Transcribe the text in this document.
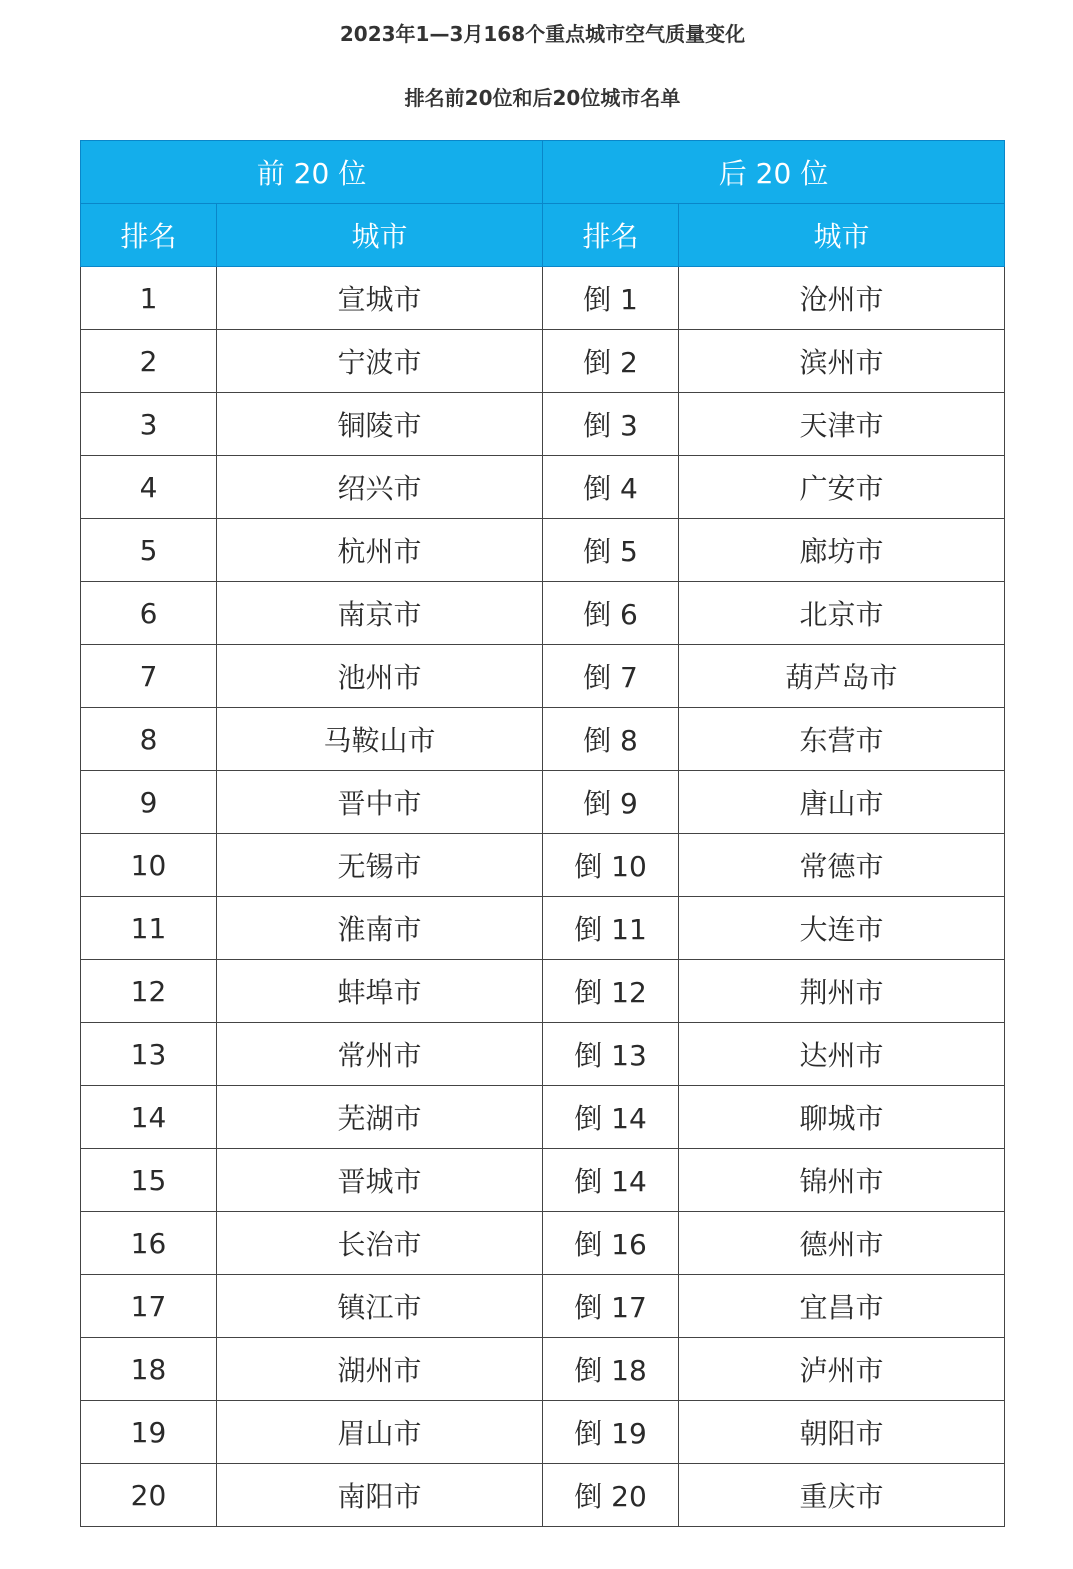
2023年1—3月168个重点城市空气质量变化
排名前20位和后20位城市名单
前 20 位		后 20 位	
排名	城市	排名	城市
1	宣城市	倒 1	沧州市
2	宁波市	倒 2	滨州市
3	铜陵市	倒 3	天津市
4	绍兴市	倒 4	广安市
5	杭州市	倒 5	廊坊市
6	南京市	倒 6	北京市
7	池州市	倒 7	葫芦岛市
8	马鞍山市	倒 8	东营市
9	晋中市	倒 9	唐山市
10	无锡市	倒 10	常德市
11	淮南市	倒 11	大连市
12	蚌埠市	倒 12	荆州市
13	常州市	倒 13	达州市
14	芜湖市	倒 14	聊城市
15	晋城市	倒 14	锦州市
16	长治市	倒 16	德州市
17	镇江市	倒 17	宜昌市
18	湖州市	倒 18	泸州市
19	眉山市	倒 19	朝阳市
20	南阳市	倒 20	重庆市
